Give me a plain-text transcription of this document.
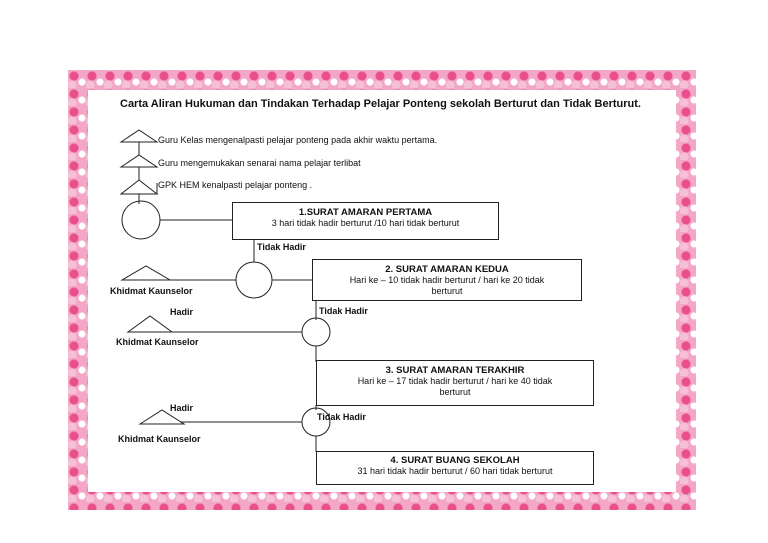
Carta Aliran Hukuman dan Tindakan Terhadap Pelajar Ponteng sekolah Berturut dan Tidak Berturut.
Guru Kelas mengenalpasti pelajar ponteng pada akhir waktu pertama.
Guru mengemukakan senarai nama pelajar terlibat
GPK HEM kenalpasti pelajar ponteng .
1.SURAT AMARAN PERTAMA
3 hari tidak hadir berturut /10 hari tidak berturut
2. SURAT AMARAN KEDUA
Hari ke – 10 tidak hadir berturut / hari ke 20 tidak berturut
3. SURAT AMARAN TERAKHIR
Hari ke – 17 tidak hadir berturut / hari ke 40 tidak berturut
4. SURAT BUANG SEKOLAH
31 hari tidak hadir berturut / 60 hari tidak berturut
Tidak Hadir
Tidak Hadir
Tidak Hadir
Hadir
Hadir
Khidmat Kaunselor
Khidmat Kaunselor
Khidmat Kaunselor
